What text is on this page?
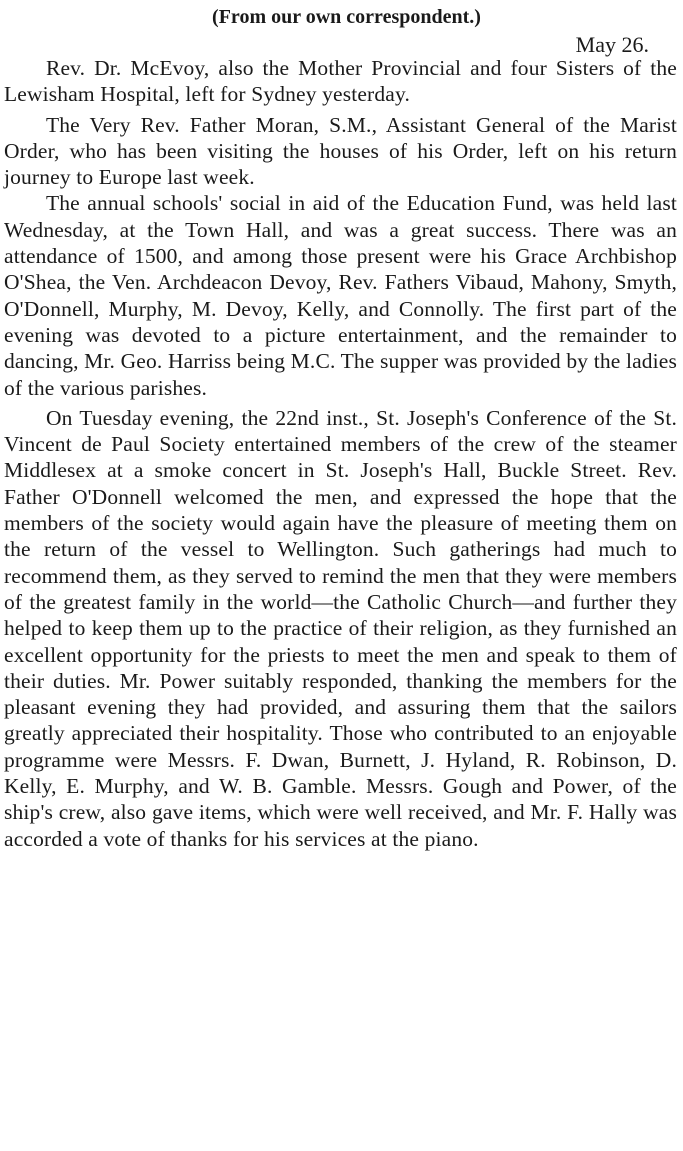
(From our own correspondent.)

May 26.

Rev. Dr. McEvoy, also the Mother Provincial and four Sisters of the Lewisham Hospital, left for Sydney yesterday.

The Very Rev. Father Moran, S.M., Assistant General of the Marist Order, who has been visiting the houses of his Order, left on his return journey to Europe last week.

The annual schools' social in aid of the Education Fund, was held last Wednesday, at the Town Hall, and was a great success. There was an attendance of 1500, and among those present were his Grace Archbishop O'Shea, the Ven. Archdeacon Devoy, Rev. Fathers Vibaud, Mahony, Smyth, O'Donnell, Murphy, M. Devoy, Kelly, and Connolly. The first part of the evening was devoted to a picture entertainment, and the remainder to dancing, Mr. Geo. Harriss being M.C. The supper was provided by the ladies of the various parishes.

On Tuesday evening, the 22nd inst., St. Joseph's Conference of the St. Vincent de Paul Society entertained members of the crew of the steamer Middlesex at a smoke concert in St. Joseph's Hall, Buckle Street. Rev. Father O'Donnell welcomed the men, and expressed the hope that the members of the society would again have the pleasure of meeting them on the return of the vessel to Wellington. Such gatherings had much to recommend them, as they served to remind the men that they were members of the greatest family in the world—the Catholic Church—and further they helped to keep them up to the practice of their religion, as they furnished an excellent opportunity for the priests to meet the men and speak to them of their duties. Mr. Power suitably responded, thanking the members for the pleasant evening they had provided, and assuring them that the sailors greatly appreciated their hospitality. Those who contributed to an enjoyable programme were Messrs. F. Dwan, Burnett, J. Hyland, R. Robinson, D. Kelly, E. Murphy, and W. B. Gamble. Messrs. Gough and Power, of the ship's crew, also gave items, which were well received, and Mr. F. Hally was accorded a vote of thanks for his services at the piano.
